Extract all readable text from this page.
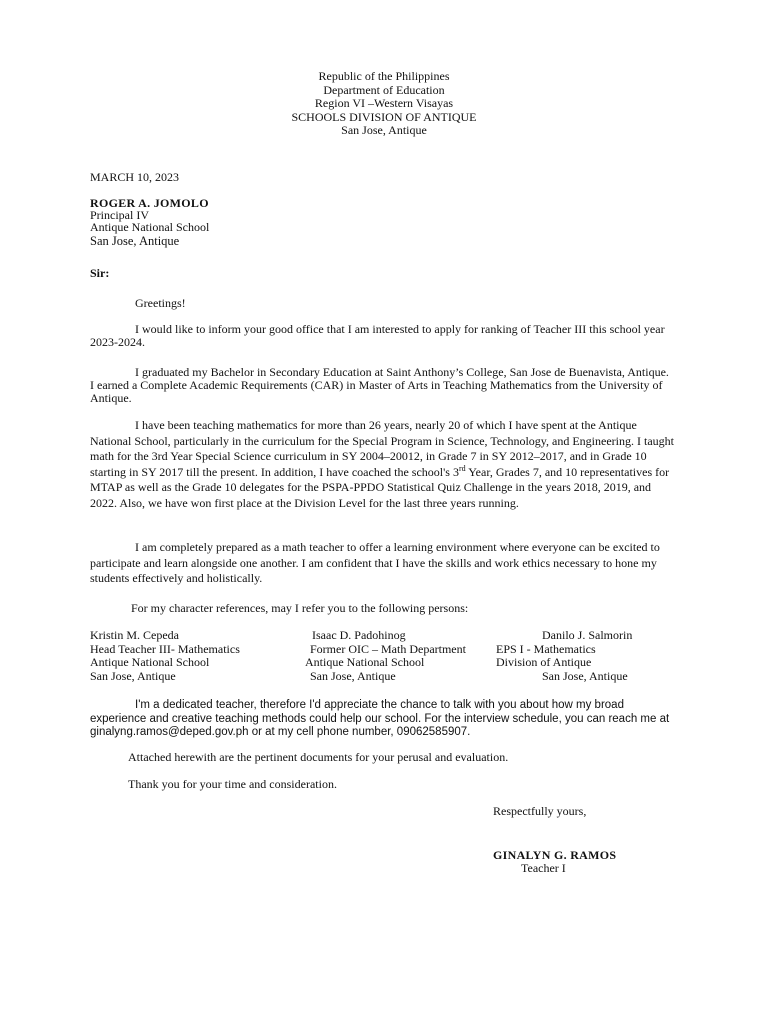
Republic of the Philippines
Department of Education
Region VI –Western Visayas
SCHOOLS DIVISION OF ANTIQUE
San Jose, Antique
MARCH 10, 2023
ROGER A. JOMOLO
Principal IV
Antique National School
San Jose, Antique
Sir:

Greetings!

I would like to inform your good office that I am interested to apply for ranking of Teacher III this school year 2023-2024.

I graduated my Bachelor in Secondary Education at Saint Anthony’s College, San Jose de Buenavista, Antique. I earned a Complete Academic Requirements (CAR) in Master of Arts in Teaching Mathematics from the University of Antique.

I have been teaching mathematics for more than 26 years, nearly 20 of which I have spent at the Antique National School, particularly in the curriculum for the Special Program in Science, Technology, and Engineering. I taught math for the 3rd Year Special Science curriculum in SY 2004–20012, in Grade 7 in SY 2012–2017, and in Grade 10 starting in SY 2017 till the present. In addition, I have coached the school's 3rd Year, Grades 7, and 10 representatives for MTAP as well as the Grade 10 delegates for the PSPA-PPDO Statistical Quiz Challenge in the years 2018, 2019, and 2022. Also, we have won first place at the Division Level for the last three years running.

I am completely prepared as a math teacher to offer a learning environment where everyone can be excited to participate and learn alongside one another. I am confident that I have the skills and work ethics necessary to hone my students effectively and holistically.

For my character references, may I refer you to the following persons:

Kristin M. Cepeda	Isaac D. Padohinog	Danilo J. Salmorin
Head Teacher III- Mathematics	Former OIC – Math Department	EPS I - Mathematics
Antique National School	Antique National School	Division of Antique
San Jose, Antique	San Jose, Antique	San Jose, Antique

I'm a dedicated teacher, therefore I'd appreciate the chance to talk with you about how my broad experience and creative teaching methods could help our school. For the interview schedule, you can reach me at ginalyng.ramos@deped.gov.ph or at my cell phone number, 09062585907.

Attached herewith are the pertinent documents for your perusal and evaluation.
Thank you for your time and consideration.
Respectfully yours,
GINALYN G. RAMOS
Teacher I
